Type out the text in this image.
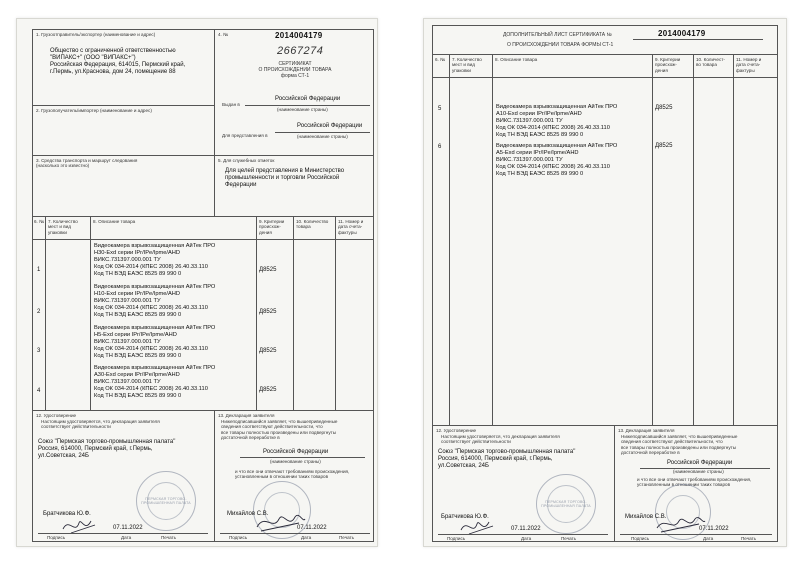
1. Грузоотправитель/экспортер (наименование и адрес)
Общество с ограниченной ответственностью
"ВИПАКС+" (ООО "ВИПАКС+")
Российская Федерация, 614015, Пермский край,
г.Пермь, ул.Краснова, дом 24, помещение 88
4. №	2014004179
2667274
СЕРТИФИКАТ
О ПРОИСХОЖДЕНИИ ТОВАРА
форма СТ-1
Выдан в
Российской Федерации
(наименование страны)
Российской Федерации
Для представления в	(наименование страны)
2. Грузополучатель/импортер (наименование и адрес)
3. Средства транспорта и маршрут следования
(насколько это известно)
5. Для служебных отметок
Для целей представления в Министерство
промышленности и торговли Российской
Федерации
6. № 7. Количество
мест и вид
упаковки
8. Описание товара	9. Критерии
происхож-
дения
10. Количество
товара
11. Номер и
дата счета-
фактуры
1
Видеокамера взрывозащищенная АйТек ПРО
Н30-Exd серии IPr/IPe/Ipme/AHD
ВИКС.731397.000.001 ТУ
Код ОК 034-2014 (КПЕС 2008) 26.40.33.110
Код ТН ВЭД ЕАЭС 8525 89 990 0
Д8525
2
Видеокамера взрывозащищенная АйТек ПРО
Н10-Exd серии IPr/IPe/Ipme/AHD
ВИКС.731397.000.001 ТУ
Код ОК 034-2014 (КПЕС 2008) 26.40.33.110
Код ТН ВЭД ЕАЭС 8525 89 990 0	Д8525
3
Видеокамера взрывозащищенная АйТек ПРО
Н5-Exd серии IPr/IPe/Ipme/AHD
ВИКС.731397.000.001 ТУ
Код ОК 034-2014 (КПЕС 2008) 26.40.33.110
Код ТН ВЭД ЕАЭС 8525 89 990 0
Д8525
4
Видеокамера взрывозащищенная АйТек ПРО
А30-Exd серии IPr/IPe/Ipme/AHD
ВИКС.731397.000.001 ТУ
Код ОК 034-2014 (КПЕС 2008) 26.40.33.110
Код ТН ВЭД ЕАЭС 8525 89 990 0
Д8525
12. Удостоверение
Настоящим удостоверяется, что декларация заявителя
соответствует действительности
Союз "Пермская торгово-промышленная палата"
Россия, 614000, Пермский край, г.Пермь,
ул.Советская, 24Б
ПЕРМСКАЯ ТОРГОВО-ПРОМЫШЛЕННАЯ ПАЛАТА
Братчикова Ю.Ф.
07.11.2022
Подпись	Дата	Печать
13. Декларация заявителя
Нижеподписавшийся заявляет, что вышеприведенные
сведения соответствуют действительности, что
все товары полностью произведены или подвергнуты
достаточной переработке в
Российской Федерации
(наименование страны)
и что все они отвечают требованиям происхождения,
установленным в отношении таких товаров
Михайлов С.В.
07.11.2022
Подпись	Дата	Печать
ДОПОЛНИТЕЛЬНЫЙ ЛИСТ СЕРТИФИКАТА №	2014004179
О ПРОИСХОЖДЕНИИ ТОВАРА ФОРМЫ СТ-1
6. №	7. Количество
мест и вид
упаковки
8. Описание товара	9. Критерии
происхож-
дения
10. Количест-
во товара
11. Номер и
дата счета-
фактуры
5	Видеокамера взрывозащищенная АйТек ПРО
А10-Exd серии IPr/IPe/Ipme/AHD
ВИКС.731397.000.001 ТУ
Код ОК 034-2014 (КПЕС 2008) 26.40.33.110
Код ТН ВЭД ЕАЭС 8525 89 990 0
Д8525
6	Видеокамера взрывозащищенная АйТек ПРО
А5-Exd серии IPr/IPe/Ipme/AHD
ВИКС.731397.000.001 ТУ
Код ОК 034-2014 (КПЕС 2008) 26.40.33.110
Код ТН ВЭД ЕАЭС 8525 89 990 0
Д8525
12. Удостоверение
Настоящим удостоверяется, что декларация заявителя
соответствует действительности
Союз "Пермская торгово-промышленная палата"
Россия, 614000, Пермский край, г.Пермь,
ул.Советская, 24Б
ПЕРМСКАЯ ТОРГОВО-ПРОМЫШЛЕННАЯ ПАЛАТА
Братчикова Ю.Ф.
07.11.2022
Подпись	Дата	Печать
13. Декларация заявителя
Нижеподписавшийся заявляет, что вышеприведенные
сведения соответствуют действительности, что
все товары полностью произведены или подвергнуты
достаточной переработке в
Российской Федерации
(наименование страны)
и что все они отвечают требованиям происхождения,
установленным в отношении таких товаров
Михайлов С.В.
07.11.2022
Подпись	Дата	Печать
